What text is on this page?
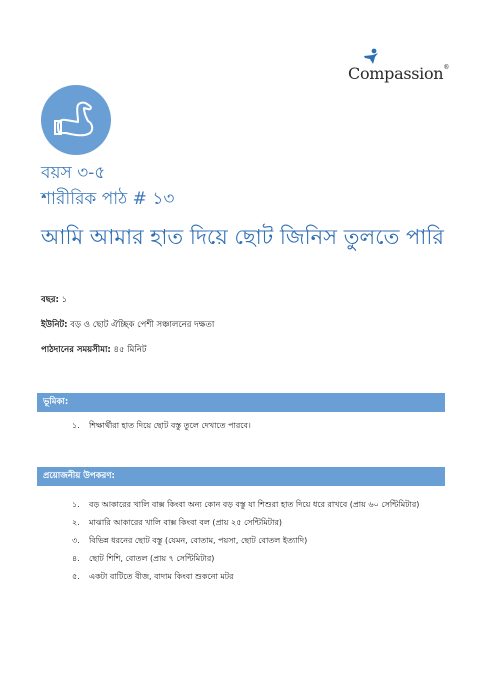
Compassion®
বয়স ৩-৫
শারীরিক পাঠ # ১৩
আমি আমার হাত দিয়ে ছোট জিনিস তুলতে পারি
বছর: ১
ইউনিট: বড় ও ছোট ঐচ্ছিক পেশী সঞ্চালনের দক্ষতা
পাঠদানের সময়সীমা: ৪৫ মিনিট
ভূমিকা:
১. শিক্ষার্থীরা হাত দিয়ে ছোট বস্তু তুলে দেখাতে পারবে।
প্রয়োজনীয় উপকরণ:
১. বড় আকারের খালি বাক্স কিংবা অন্য কোন বড় বস্তু যা শিশুরা হাত দিয়ে ধরে রাখবে (প্রায় ৬০ সেন্টিমিটার)
২. মাঝারি আকারের খালি বাক্স কিংবা বল (প্রায় ২৫ সেন্টিমিটার)
৩. বিভিন্ন ধরনের ছোট বস্তু (যেমন, বোতাম, পয়সা, ছোট বোতল ইত্যাদি)
৪. ছোট শিশি, বোতল (প্রায় ৭ সেন্টিমিটার)
৫. একটা বাটিতে বীজ, বাদাম কিংবা শুকনো মটর
